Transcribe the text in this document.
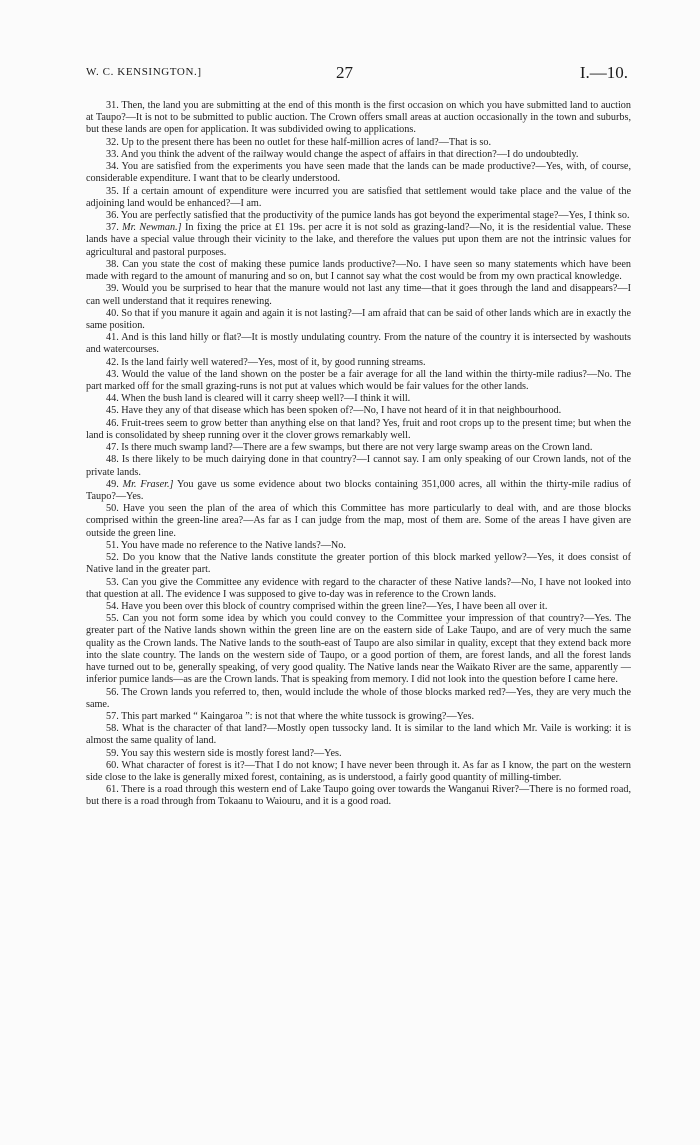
W. C. KENSINGTON.]	27	I.—10.

31. Then, the land you are submitting at the end of this month is the first occasion on which you have submitted land to auction at Taupo?—It is not to be submitted to public auction. The Crown offers small areas at auction occasionally in the town and suburbs, but these lands are open for application. It was subdivided owing to applications.

32. Up to the present there has been no outlet for these half-million acres of land?—That is so.

33. And you think the advent of the railway would change the aspect of affairs in that direction?—I do undoubtedly.

34. You are satisfied from the experiments you have seen made that the lands can be made productive?—Yes, with, of course, considerable expenditure. I want that to be clearly understood.

35. If a certain amount of expenditure were incurred you are satisfied that settlement would take place and the value of the adjoining land would be enhanced?—I am.

36. You are perfectly satisfied that the productivity of the pumice lands has got beyond the experimental stage?—Yes, I think so.

37. Mr. Newman.] In fixing the price at £1 19s. per acre it is not sold as grazing-land?—No, it is the residential value. These lands have a special value through their vicinity to the lake, and therefore the values put upon them are not the intrinsic values for agricultural and pastoral purposes.

38. Can you state the cost of making these pumice lands productive?—No. I have seen so many statements which have been made with regard to the amount of manuring and so on, but I cannot say what the cost would be from my own practical knowledge.

39. Would you be surprised to hear that the manure would not last any time—that it goes through the land and disappears?—I can well understand that it requires renewing.

40. So that if you manure it again and again it is not lasting?—I am afraid that can be said of other lands which are in exactly the same position.

41. And is this land hilly or flat?—It is mostly undulating country. From the nature of the country it is intersected by washouts and watercourses.

42. Is the land fairly well watered?—Yes, most of it, by good running streams.

43. Would the value of the land shown on the poster be a fair average for all the land within the thirty-mile radius?—No. The part marked off for the small grazing-runs is not put at values which would be fair values for the other lands.

44. When the bush land is cleared will it carry sheep well?—I think it will.

45. Have they any of that disease which has been spoken of?—No, I have not heard of it in that neighbourhood.

46. Fruit-trees seem to grow better than anything else on that land? Yes, fruit and root crops up to the present time; but when the land is consolidated by sheep running over it the clover grows remarkably well.

47. Is there much swamp land?—There are a few swamps, but there are not very large swamp areas on the Crown land.

48. Is there likely to be much dairying done in that country?—I cannot say. I am only speaking of our Crown lands, not of the private lands.

49. Mr. Fraser.] You gave us some evidence about two blocks containing 351,000 acres, all within the thirty-mile radius of Taupo?—Yes.

50. Have you seen the plan of the area of which this Committee has more particularly to deal with, and are those blocks comprised within the green-line area?—As far as I can judge from the map, most of them are. Some of the areas I have given are outside the green line.

51. You have made no reference to the Native lands?—No.

52. Do you know that the Native lands constitute the greater portion of this block marked yellow?—Yes, it does consist of Native land in the greater part.

53. Can you give the Committee any evidence with regard to the character of these Native lands?—No, I have not looked into that question at all. The evidence I was supposed to give to-day was in reference to the Crown lands.

54. Have you been over this block of country comprised within the green line?—Yes, I have been all over it.

55. Can you not form some idea by which you could convey to the Committee your impression of that country?—Yes. The greater part of the Native lands shown within the green line are on the eastern side of Lake Taupo, and are of very much the same quality as the Crown lands. The Native lands to the south-east of Taupo are also similar in quality, except that they extend back more into the slate country. The lands on the western side of Taupo, or a good portion of them, are forest lands, and all the forest lands have turned out to be, generally speaking, of very good quality. The Native lands near the Waikato River are the same, apparently —inferior pumice lands—as are the Crown lands. That is speaking from memory. I did not look into the question before I came here.

56. The Crown lands you referred to, then, would include the whole of those blocks marked red?—Yes, they are very much the same.

57. This part marked “ Kaingaroa ”: is not that where the white tussock is growing?—Yes.

58. What is the character of that land?—Mostly open tussocky land. It is similar to the land which Mr. Vaile is working: it is almost the same quality of land.

59. You say this western side is mostly forest land?—Yes.

60. What character of forest is it?—That I do not know; I have never been through it. As far as I know, the part on the western side close to the lake is generally mixed forest, containing, as is understood, a fairly good quantity of milling-timber.

61. There is a road through this western end of Lake Taupo going over towards the Wanganui River?—There is no formed road, but there is a road through from Tokaanu to Waiouru, and it is a good road.
